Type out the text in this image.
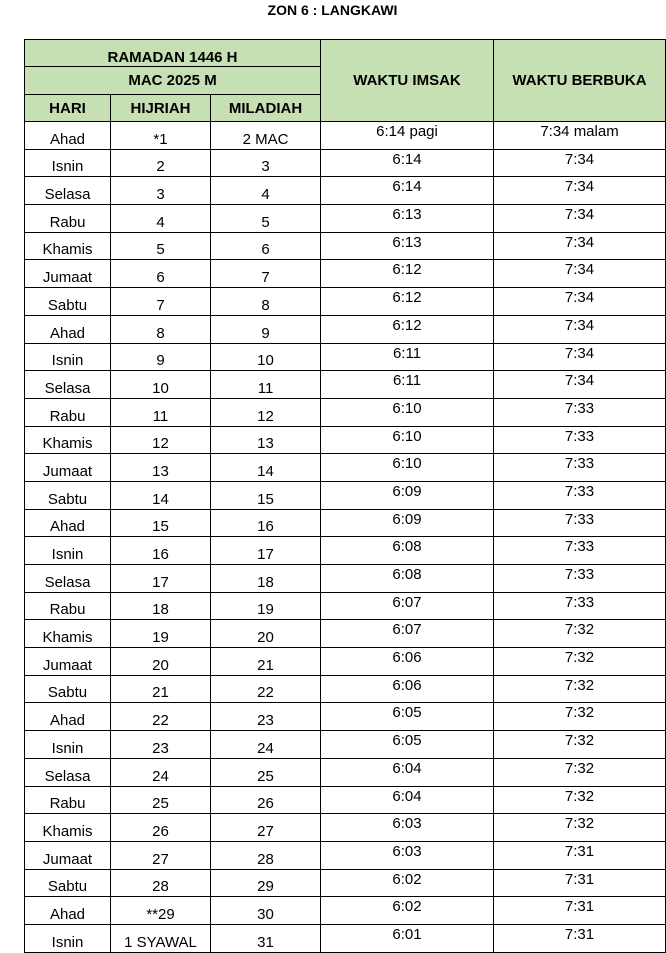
ZON 6 : LANGKAWI
RAMADAN 1446 H			WAKTU IMSAK	WAKTU BERBUKA
MAC 2025 M				
HARI	HIJRIAH	MILADIAH		
Ahad	*1	2 MAC	6:14 pagi	7:34 malam
Isnin	2	3	6:14	7:34
Selasa	3	4	6:14	7:34
Rabu	4	5	6:13	7:34
Khamis	5	6	6:13	7:34
Jumaat	6	7	6:12	7:34
Sabtu	7	8	6:12	7:34
Ahad	8	9	6:12	7:34
Isnin	9	10	6:11	7:34
Selasa	10	11	6:11	7:34
Rabu	11	12	6:10	7:33
Khamis	12	13	6:10	7:33
Jumaat	13	14	6:10	7:33
Sabtu	14	15	6:09	7:33
Ahad	15	16	6:09	7:33
Isnin	16	17	6:08	7:33
Selasa	17	18	6:08	7:33
Rabu	18	19	6:07	7:33
Khamis	19	20	6:07	7:32
Jumaat	20	21	6:06	7:32
Sabtu	21	22	6:06	7:32
Ahad	22	23	6:05	7:32
Isnin	23	24	6:05	7:32
Selasa	24	25	6:04	7:32
Rabu	25	26	6:04	7:32
Khamis	26	27	6:03	7:32
Jumaat	27	28	6:03	7:31
Sabtu	28	29	6:02	7:31
Ahad	**29	30	6:02	7:31
Isnin	1 SYAWAL	31	6:01	7:31
